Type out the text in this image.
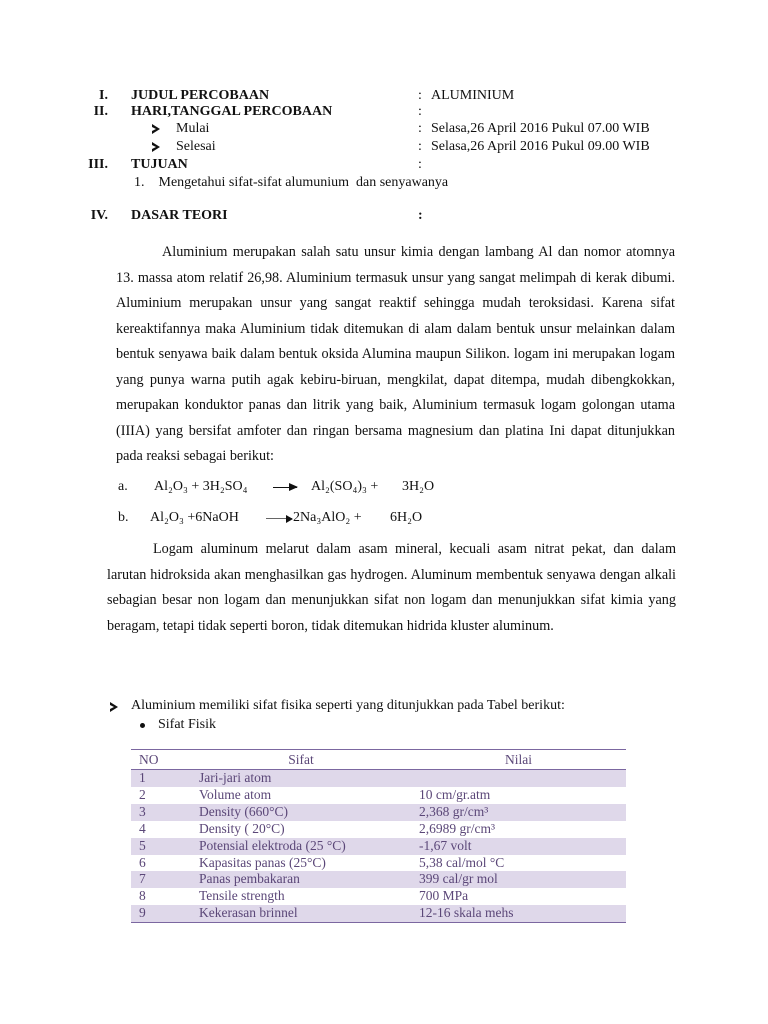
I. JUDUL PERCOBAAN	: ALUMINIUM
II. HARI,TANGGAL PERCOBAAN	:
Mulai	: Selasa,26 April 2016 Pukul 07.00 WIB
Selesai	: Selasa,26 April 2016 Pukul 09.00 WIB
III. TUJUAN	:
1.    Mengetahui sifat-sifat alumunium  dan senyawanya
IV. DASAR TEORI	:

Aluminium merupakan salah satu unsur kimia dengan lambang Al dan nomor atomnya 13. massa atom relatif 26,98. Aluminium termasuk unsur yang sangat melimpah di kerak dibumi. Aluminium merupakan unsur yang sangat reaktif sehingga mudah teroksidasi. Karena sifat kereaktifannya maka Aluminium tidak ditemukan di alam dalam bentuk unsur melainkan dalam bentuk senyawa baik dalam bentuk oksida Alumina maupun Silikon. logam ini merupakan logam yang punya warna putih agak kebiru-biruan, mengkilat, dapat ditempa, mudah dibengkokkan, merupakan konduktor panas dan litrik yang baik, Aluminium termasuk logam golongan utama (IIIA) yang bersifat amfoter dan ringan bersama magnesium dan platina Ini dapat ditunjukkan pada reaksi sebagai berikut:

a. Al₂O₃ + 3H₂SO₄ → Al₂(SO₄)₃ + 3H₂O
b. Al₂O₃ +6NaOH → 2Na₃AlO₂ + 6H₂O

Logam aluminum melarut dalam asam mineral, kecuali asam nitrat pekat, dan dalam larutan hidroksida akan menghasilkan gas hydrogen. Aluminum membentuk senyawa dengan alkali sebagian besar non logam dan menunjukkan sifat non logam dan menunjukkan sifat kimia yang beragam, tetapi tidak seperti boron, tidak ditemukan hidrida kluster aluminum.

Aluminium memiliki sifat fisika seperti yang ditunjukkan pada Tabel berikut:
Sifat Fisik
NO	Sifat	Nilai
1	Jari-jari atom	
2	Volume atom	10 cm/gr.atm
3	Density (660°C)	2,368 gr/cm³
4	Density ( 20°C)	2,6989 gr/cm³
5	Potensial elektroda (25 °C)	-1,67 volt
6	Kapasitas panas (25°C)	5,38 cal/mol °C
7	Panas pembakaran	399 cal/gr mol
8	Tensile strength	700 MPa
9	Kekerasan brinnel	12-16 skala mehs
